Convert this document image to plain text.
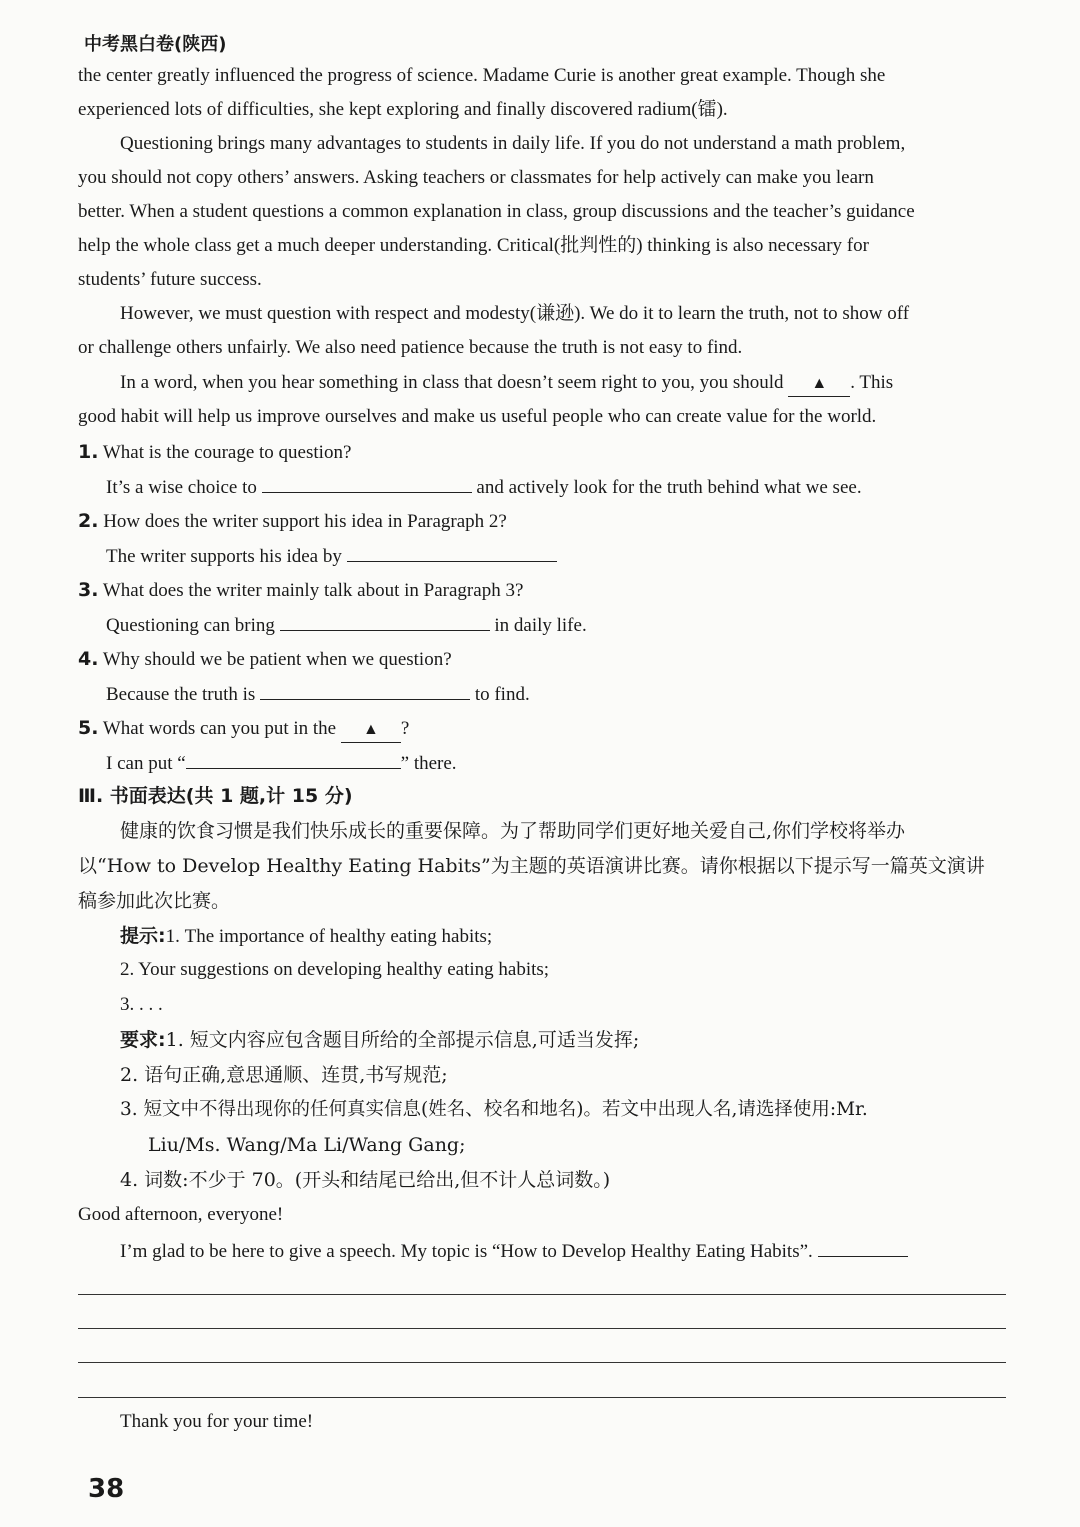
中考黑白卷(陕西)
the center greatly influenced the progress of science. Madame Curie is another great example. Though she
experienced lots of difficulties, she kept exploring and finally discovered radium(镭).
Questioning brings many advantages to students in daily life. If you do not understand a math problem,
you should not copy others’ answers. Asking teachers or classmates for help actively can make you learn
better. When a student questions a common explanation in class, group discussions and the teacher’s guidance
help the whole class get a much deeper understanding. Critical(批判性的) thinking is also necessary for
students’ future success.
However, we must question with respect and modesty(谦逊). We do it to learn the truth, not to show off
or challenge others unfairly. We also need patience because the truth is not easy to find.
In a word, when you hear something in class that doesn’t seem right to you, you should ▲ . This
good habit will help us improve ourselves and make us useful people who can create value for the world.
1. What is the courage to question?
It’s a wise choice to	and actively look for the truth behind what we see.
2. How does the writer support his idea in Paragraph 2?
The writer supports his idea by
3. What does the writer mainly talk about in Paragraph 3?
Questioning can bring	in daily life.
4. Why should we be patient when we question?
Because the truth is	to find.
5. What words can you put in the ▲ ?
I can put “	” there.
Ⅲ. 书面表达(共 1 题,计 15 分)
健康的饮食习惯是我们快乐成长的重要保障。为了帮助同学们更好地关爱自己,你们学校将举办
以“How to Develop Healthy Eating Habits”为主题的英语演讲比赛。请你根据以下提示写一篇英文演讲
稿参加此次比赛。
提示:1. The importance of healthy eating habits;
2. Your suggestions on developing healthy eating habits;
3. . . .
要求:1. 短文内容应包含题目所给的全部提示信息,可适当发挥;
2. 语句正确,意思通顺、连贯,书写规范;
3. 短文中不得出现你的任何真实信息(姓名、校名和地名)。若文中出现人名,请选择使用:Mr.
Liu/Ms. Wang/Ma Li/Wang Gang;
4. 词数:不少于 70。(开头和结尾已给出,但不计人总词数。)
Good afternoon, everyone!
I’m glad to be here to give a speech. My topic is “How to Develop Healthy Eating Habits”.
Thank you for your time!
38
